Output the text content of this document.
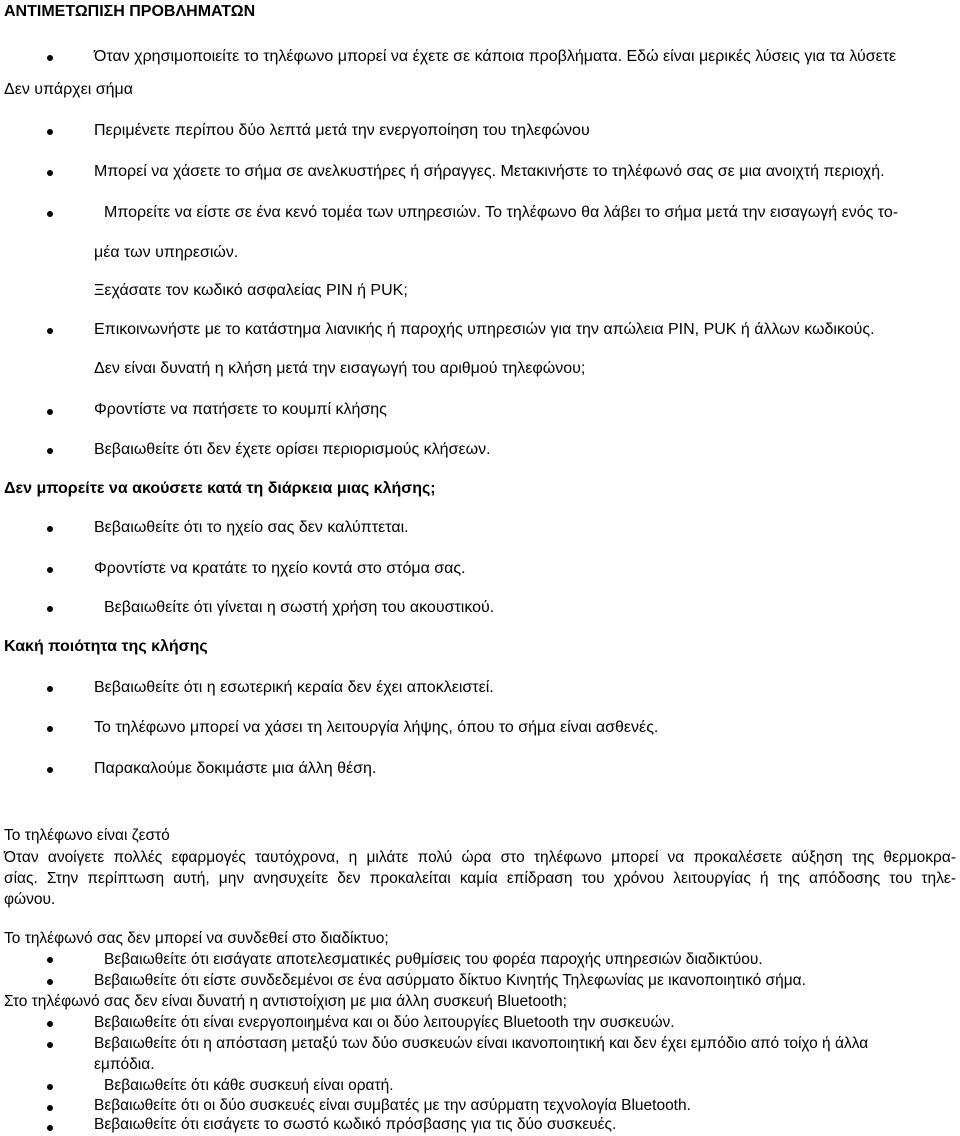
ΑΝΤΙΜΕΤΩΠΙΣΗ ΠΡΟΒΛΗΜΑΤΩΝ
Όταν χρησιμοποιείτε το τηλέφωνο μπορεί να έχετε σε κάποια προβλήματα. Εδώ είναι μερικές λύσεις για τα λύσετε
Δεν υπάρχει σήμα
Περιμένετε περίπου δύο λεπτά μετά την ενεργοποίηση του τηλεφώνου
Μπορεί να χάσετε το σήμα σε ανελκυστήρες ή σήραγγες. Μετακινήστε το τηλέφωνό σας σε μια ανοιχτή περιοχή.
Μπορείτε να είστε σε ένα κενό τομέα των υπηρεσιών. Το τηλέφωνο θα λάβει το σήμα μετά την εισαγωγή ενός το-
μέα των υπηρεσιών.
Ξεχάσατε τον κωδικό ασφαλείας PIN ή PUK;
Επικοινωνήστε με το κατάστημα λιανικής ή παροχής υπηρεσιών για την απώλεια PIN, PUK ή άλλων κωδικούς.
Δεν είναι δυνατή η κλήση μετά την εισαγωγή του αριθμού τηλεφώνου;
Φροντίστε να πατήσετε το κουμπί κλήσης
Βεβαιωθείτε ότι δεν έχετε ορίσει περιορισμούς κλήσεων.
Δεν μπορείτε να ακούσετε κατά τη διάρκεια μιας κλήσης;
Βεβαιωθείτε ότι το ηχείο σας δεν καλύπτεται.
Φροντίστε να κρατάτε το ηχείο κοντά στο στόμα σας.
Βεβαιωθείτε ότι γίνεται η σωστή χρήση του ακουστικού.
Κακή ποιότητα της κλήσης
Βεβαιωθείτε ότι η εσωτερική κεραία δεν έχει αποκλειστεί.
Το τηλέφωνο μπορεί να χάσει τη λειτουργία λήψης, όπου το σήμα είναι ασθενές.
Παρακαλούμε δοκιμάστε μια άλλη θέση.
Το τηλέφωνο είναι ζεστό
Όταν ανοίγετε πολλές εφαρμογές ταυτόχρονα, η μιλάτε πολύ ώρα στο τηλέφωνο μπορεί να προκαλέσετε αύξηση της θερμοκρα-
σίας. Στην περίπτωση αυτή, μην ανησυχείτε δεν προκαλείται καμία επίδραση του χρόνου λειτουργίας ή της απόδοσης του τηλε-
φώνου.
Το τηλέφωνό σας δεν μπορεί να συνδεθεί στο διαδίκτυο;
Βεβαιωθείτε ότι εισάγατε αποτελεσματικές ρυθμίσεις του φορέα παροχής υπηρεσιών διαδικτύου.
Βεβαιωθείτε ότι είστε συνδεδεμένοι σε ένα ασύρματο δίκτυο Κινητής Τηλεφωνίας με ικανοποιητικό σήμα.
Στο τηλέφωνό σας δεν είναι δυνατή η αντιστοίχιση με μια άλλη συσκευή Bluetooth;
Βεβαιωθείτε ότι είναι ενεργοποιημένα και οι δύο λειτουργίες Bluetooth την συσκευών.
Βεβαιωθείτε ότι η απόσταση μεταξύ των δύο συσκευών είναι ικανοποιητική και δεν έχει εμπόδιο από τοίχο ή άλλα
εμπόδια.
Βεβαιωθείτε ότι κάθε συσκευή είναι ορατή.
Βεβαιωθείτε ότι οι δύο συσκευές είναι συμβατές με την ασύρματη τεχνολογία Bluetooth.
Βεβαιωθείτε ότι εισάγετε το σωστό κωδικό πρόσβασης για τις δύο συσκευές.
